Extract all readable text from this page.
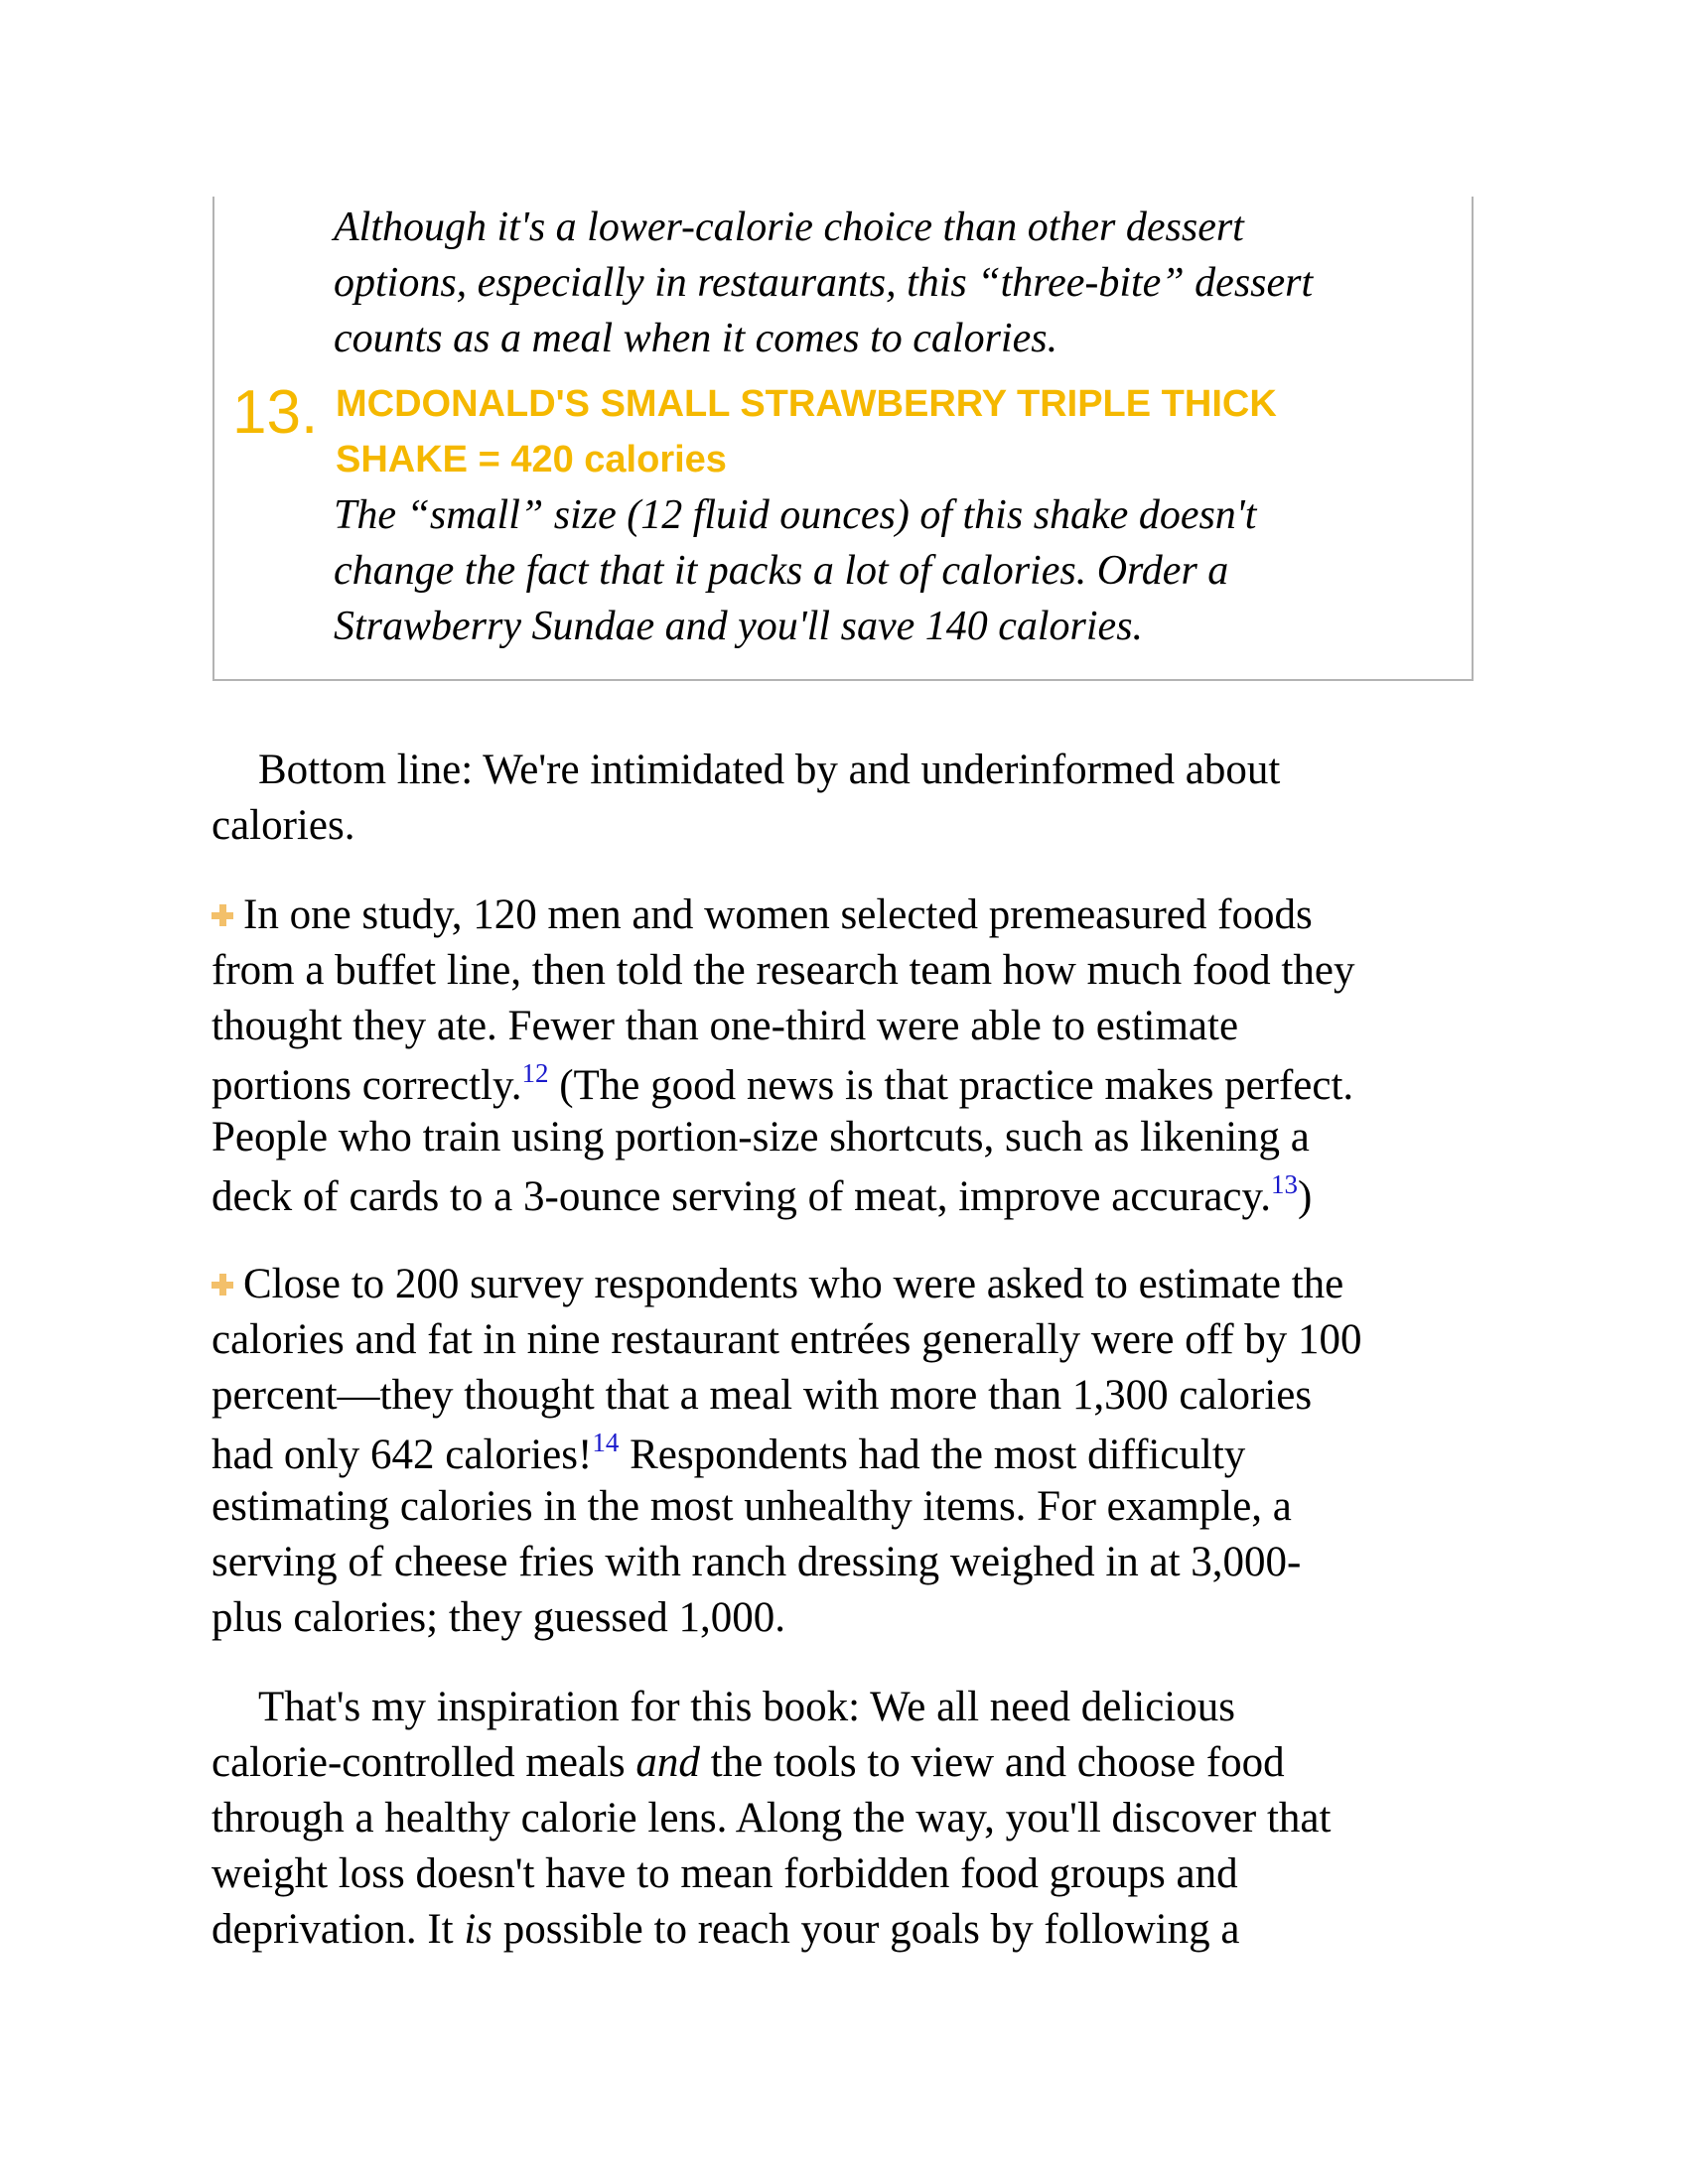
Although it's a lower-calorie choice than other dessert
options, especially in restaurants, this “three-bite” dessert
counts as a meal when it comes to calories.
13. MCDONALD'S SMALL STRAWBERRY TRIPLE THICK
SHAKE = 420 calories
The “small” size (12 fluid ounces) of this shake doesn't
change the fact that it packs a lot of calories. Order a
Strawberry Sundae and you'll save 140 calories.
Bottom line: We're intimidated by and underinformed about
calories.
In one study, 120 men and women selected premeasured foods
from a buffet line, then told the research team how much food they
thought they ate. Fewer than one-third were able to estimate
portions correctly.$^{12}$ (The good news is that practice makes perfect.
People who train using portion-size shortcuts, such as likening a
deck of cards to a 3-ounce serving of meat, improve accuracy.$^{13}$)
Close to 200 survey respondents who were asked to estimate the
calories and fat in nine restaurant entrées generally were off by 100
percent—they thought that a meal with more than 1,300 calories
had only 642 calories!$^{14}$ Respondents had the most difficulty
estimating calories in the most unhealthy items. For example, a
serving of cheese fries with ranch dressing weighed in at 3,000-
plus calories; they guessed 1,000.
That's my inspiration for this book: We all need delicious
calorie-controlled meals and the tools to view and choose food
through a healthy calorie lens. Along the way, you'll discover that
weight loss doesn't have to mean forbidden food groups and
deprivation. It is possible to reach your goals by following a
